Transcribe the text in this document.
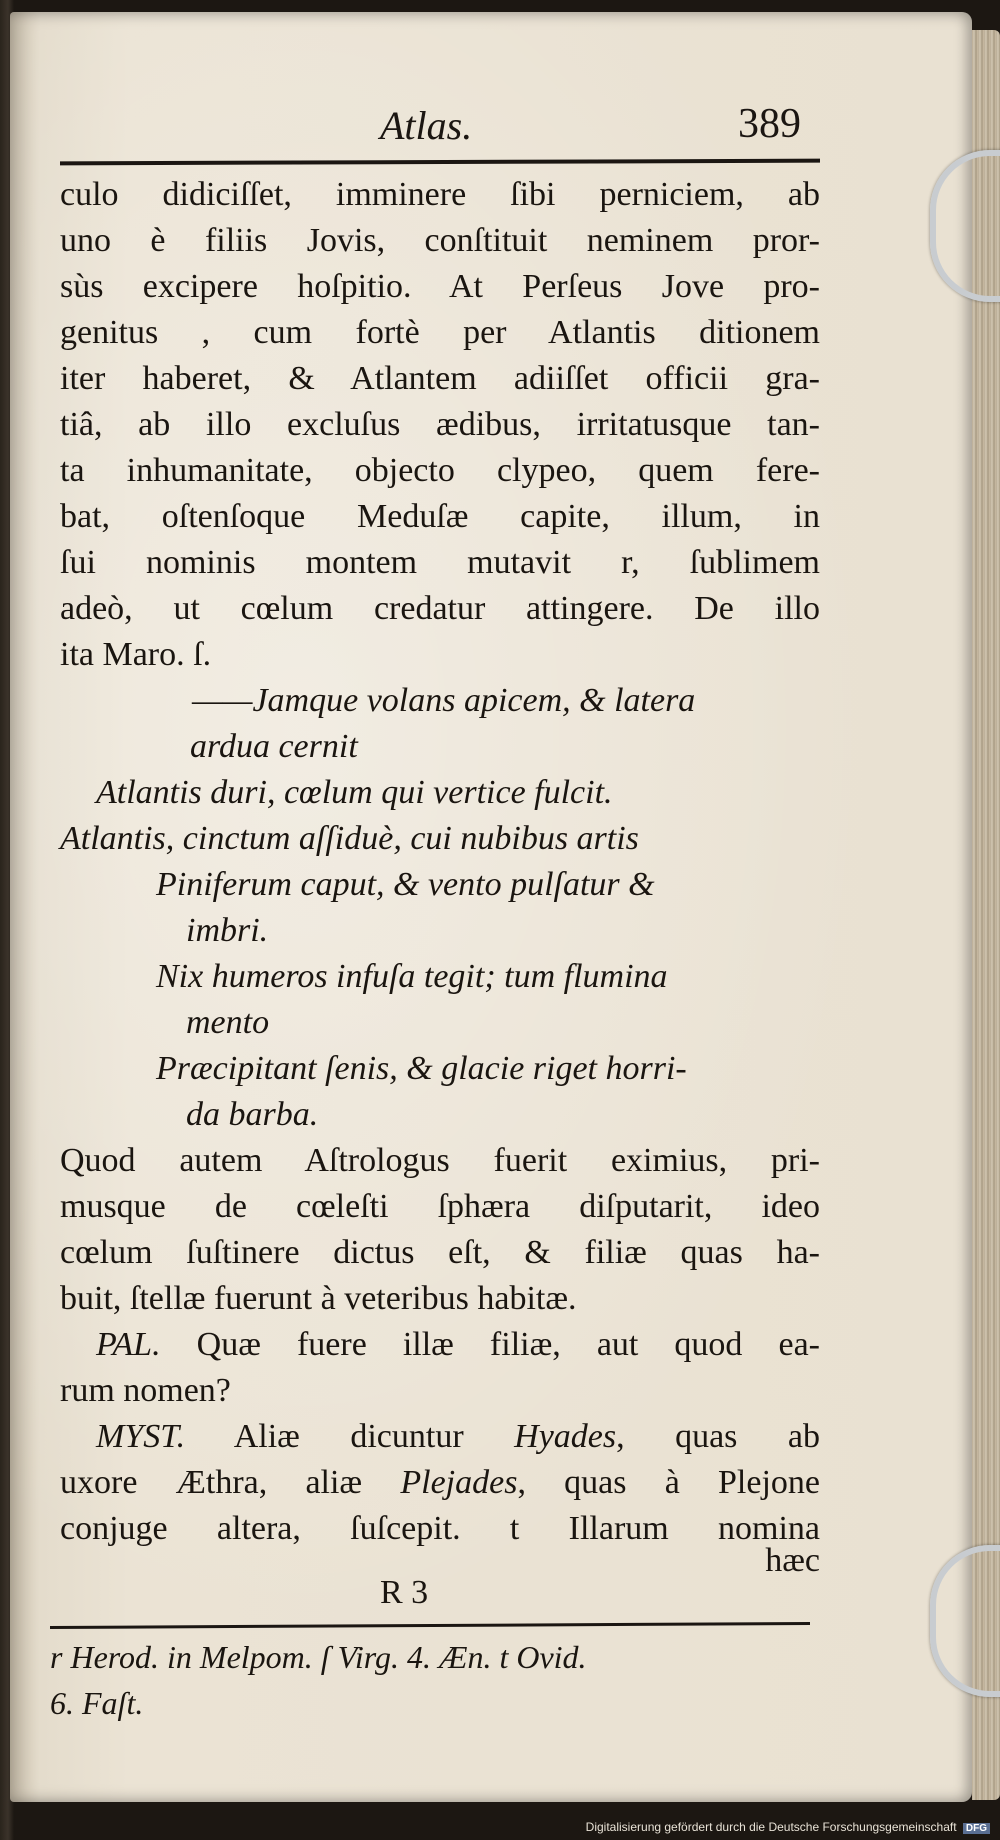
Atlas.	389
culo didiciſſet, imminere ſibi perniciem, ab
uno è filiis Jovis, conſtituit neminem pror-
sùs excipere hoſpitio. At Perſeus Jove pro-
genitus , cum fortè per Atlantis ditionem
iter haberet, & Atlantem adiiſſet officii gra-
tiâ, ab illo excluſus ædibus, irritatusque tan-
ta inhumanitate, objecto clypeo, quem fere-
bat, oſtenſoque Meduſæ capite, illum, in
ſui nominis montem mutavit r, ſublimem
adeò, ut cœlum credatur attingere. De illo
ita Maro. ſ.
——Jamque volans apicem, & latera
ardua cernit
Atlantis duri, cœlum qui vertice fulcit.
Atlantis, cinctum aſſiduè, cui nubibus artis
Piniferum caput, & vento pulſatur &
imbri.
Nix humeros infuſa tegit; tum flumina
mento
Præcipitant ſenis, & glacie riget horri-
da barba.
Quod autem Aſtrologus fuerit eximius, pri-
musque de cœleſti ſphæra diſputarit, ideo
cœlum ſuſtinere dictus eſt, & filiæ quas ha-
buit, ſtellæ fuerunt à veteribus habitæ.
PAL. Quæ fuere illæ filiæ, aut quod ea-
rum nomen?
MYST. Aliæ dicuntur Hyades, quas ab
uxore Æthra, aliæ Plejades, quas à Plejone
conjuge altera, ſuſcepit. t Illarum nomina
R 3
hæc
r Herod. in Melpom. ſ Virg. 4. Æn. t Ovid.
6. Faſt.
Digitalisierung gefördert durch die Deutsche Forschungsgemeinschaft DFG
